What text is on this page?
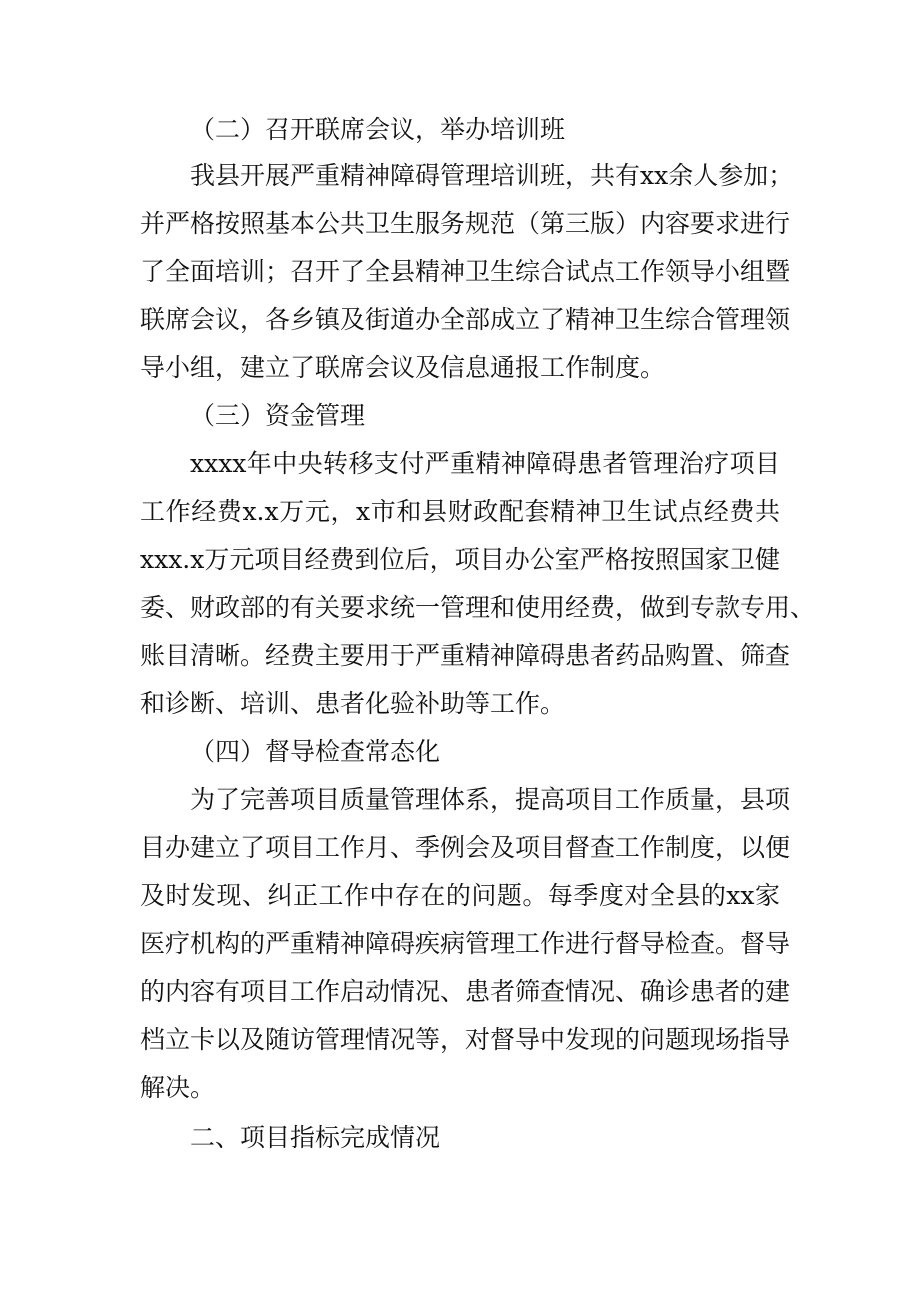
（二）召开联席会议，举办培训班
我县开展严重精神障碍管理培训班，共有xx余人参加；
并严格按照基本公共卫生服务规范（第三版）内容要求进行
了全面培训；召开了全县精神卫生综合试点工作领导小组暨
联席会议，各乡镇及街道办全部成立了精神卫生综合管理领
导小组，建立了联席会议及信息通报工作制度。
（三）资金管理
xxxx年中央转移支付严重精神障碍患者管理治疗项目
工作经费x.x万元，x市和县财政配套精神卫生试点经费共
xxx.x万元项目经费到位后，项目办公室严格按照国家卫健
委、财政部的有关要求统一管理和使用经费，做到专款专用、
账目清晰。经费主要用于严重精神障碍患者药品购置、筛查
和诊断、培训、患者化验补助等工作。
（四）督导检查常态化
为了完善项目质量管理体系，提高项目工作质量，县项
目办建立了项目工作月、季例会及项目督查工作制度，以便
及时发现、纠正工作中存在的问题。每季度对全县的xx家
医疗机构的严重精神障碍疾病管理工作进行督导检查。督导
的内容有项目工作启动情况、患者筛查情况、确诊患者的建
档立卡以及随访管理情况等，对督导中发现的问题现场指导
解决。
二、项目指标完成情况
